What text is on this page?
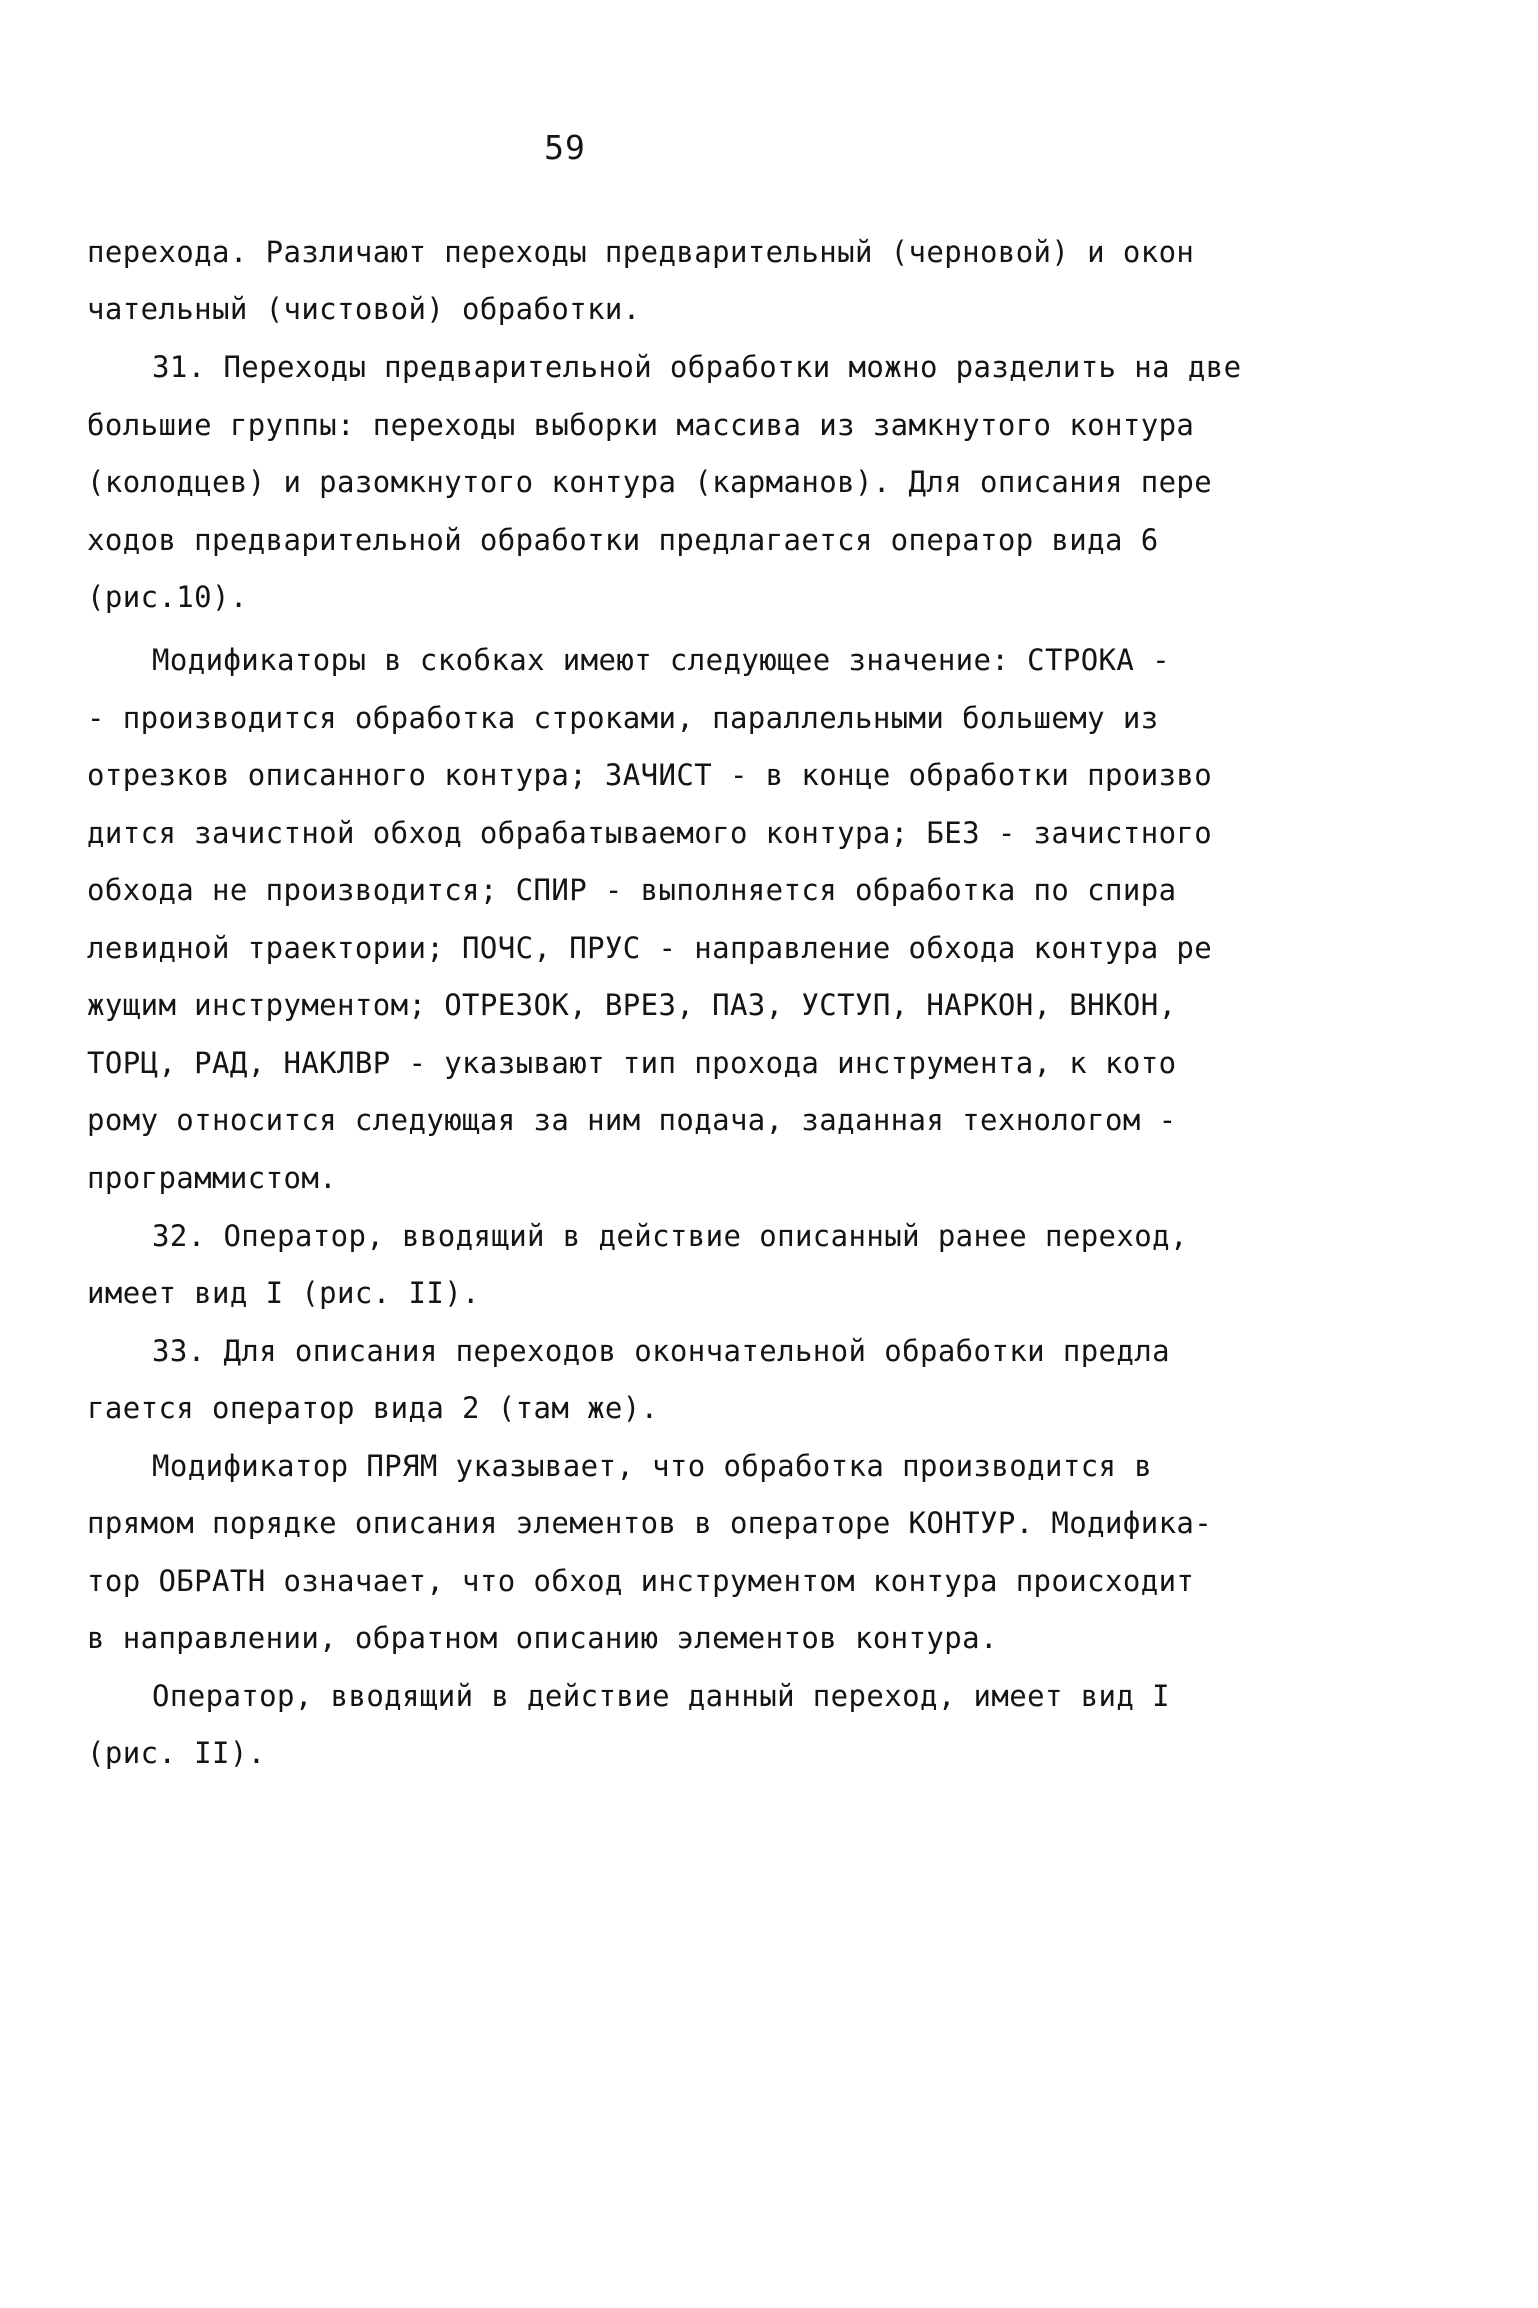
59
перехода. Различают переходы предварительный (черновой) и окон
чательный (чистовой) обработки.
31. Переходы предварительной обработки можно разделить на две
большие группы: переходы выборки массива из замкнутого контура
(колодцев) и разомкнутого контура (карманов). Для описания пере
ходов предварительной обработки предлагается оператор вида 6
(рис.10).
Модификаторы в скобках имеют следующее значение: СТРОКА -
- производится обработка строками, параллельными большему из
отрезков описанного контура; ЗАЧИСТ - в конце обработки произво
дится зачистной обход обрабатываемого контура; БЕЗ - зачистного
обхода не производится; СПИР - выполняется обработка по спира
левидной траектории; ПОЧС, ПРУС - направление обхода контура ре
жущим инструментом; ОТРЕЗОК, ВРЕЗ, ПАЗ, УСТУП, НАРКОН, ВНКОН,
ТОРЦ, РАД, НАКЛВР - указывают тип прохода инструмента, к кото
рому относится следующая за ним подача, заданная технологом -
программистом.
32. Оператор, вводящий в действие описанный ранее переход,
имеет вид I (рис. II).
33. Для описания переходов окончательной обработки предла
гается оператор вида 2 (там же).
Модификатор ПРЯМ указывает, что обработка производится в
прямом порядке описания элементов в операторе КОНТУР. Модифика-
тор ОБРАТН означает, что обход инструментом контура происходит
в направлении, обратном описанию элементов контура.
Оператор, вводящий в действие данный переход, имеет вид I
(рис. II).
